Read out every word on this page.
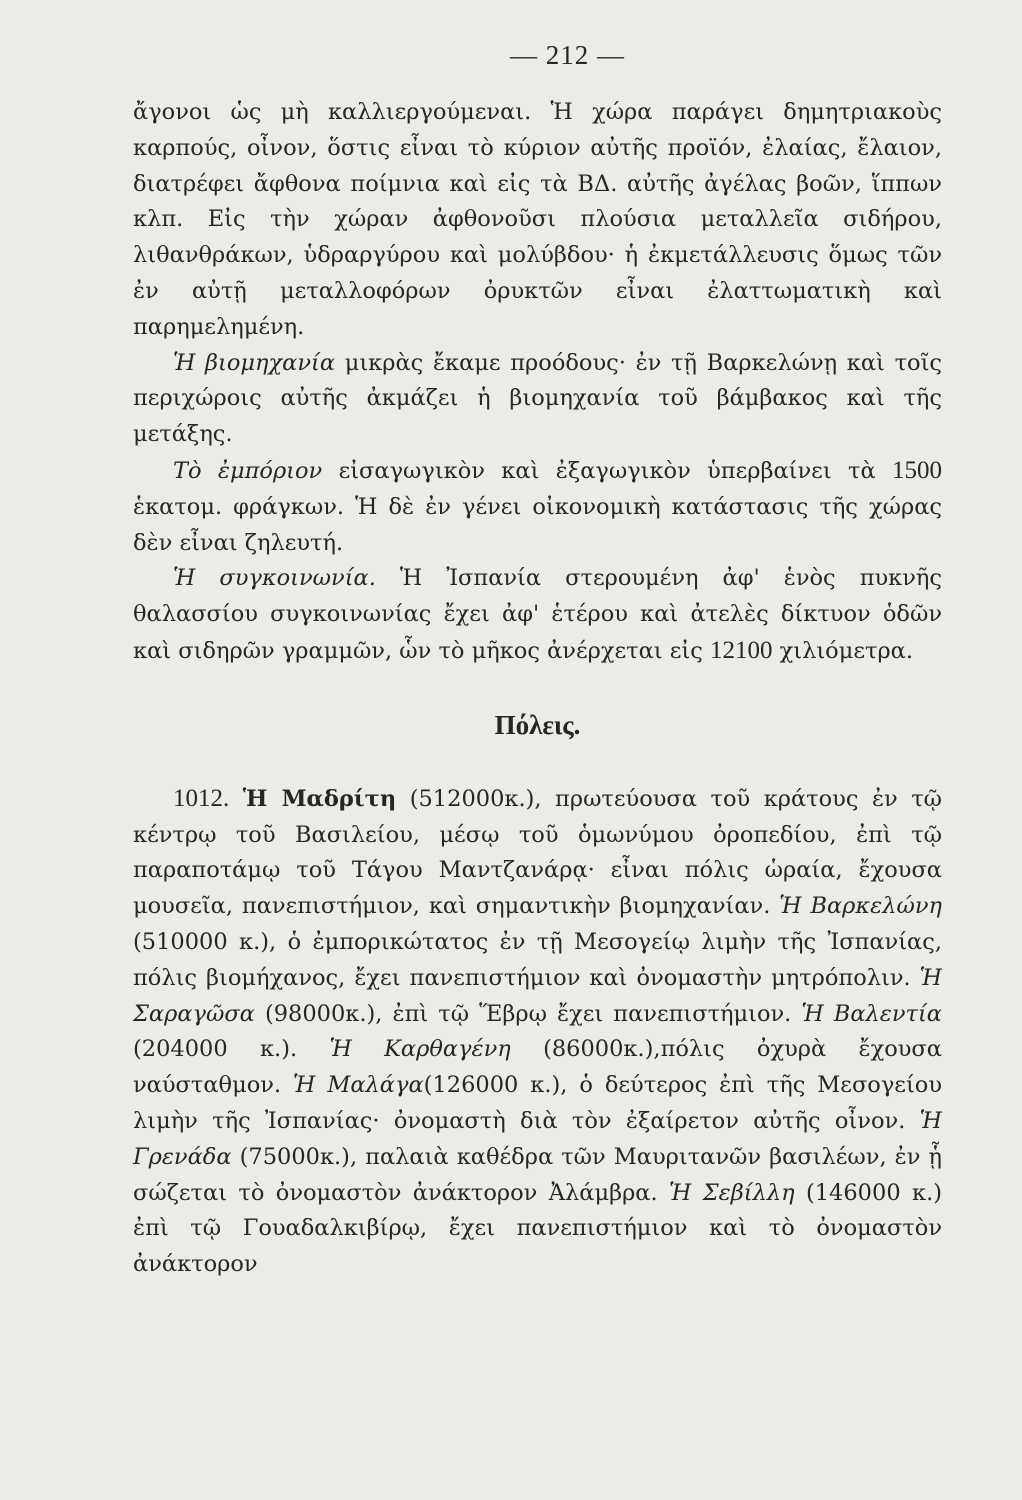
— 212 —

ἄγονοι ὡς μὴ καλλιεργούμεναι. Ἡ χώρα παράγει δημητριακοὺς καρπούς, οἶνον, ὅστις εἶναι τὸ κύριον αὐτῆς προϊόν, ἐλαίας, ἔλαιον, διατρέφει ἄφθονα ποίμνια καὶ εἰς τὰ ΒΔ. αὐτῆς ἀγέλας βοῶν, ἵππων κλπ. Εἰς τὴν χώραν ἀφθονοῦσι πλούσια μεταλλεῖα σιδήρου, λιθανθράκων, ὑδραργύρου καὶ μολύβδου· ἡ ἐκμετάλλευσις ὅμως τῶν ἐν αὐτῇ μεταλλοφόρων ὀρυκτῶν εἶναι ἐλαττωματικὴ καὶ παρημελημένη.

Ἡ βιομηχανία μικρὰς ἔκαμε προόδους· ἐν τῇ Βαρκελώνῃ καὶ τοῖς περιχώροις αὐτῆς ἀκμάζει ἡ βιομηχανία τοῦ βάμβακος καὶ τῆς μετάξης.

Τὸ ἐμπόριον εἰσαγωγικὸν καὶ ἐξαγωγικὸν ὑπερβαίνει τὰ 1500 ἑκατομ. φράγκων. Ἡ δὲ ἐν γένει οἰκονομικὴ κατάστασις τῆς χώρας δὲν εἶναι ζηλευτή.

Ἡ συγκοινωνία. Ἡ Ἰσπανία στερουμένη ἀφ' ἑνὸς πυκνῆς θαλασσίου συγκοινωνίας ἔχει ἀφ' ἑτέρου καὶ ἀτελὲς δίκτυον ὁδῶν καὶ σιδηρῶν γραμμῶν, ὧν τὸ μῆκος ἀνέρχεται εἰς 12100 χιλιόμετρα.

Πόλεις.

1012. Ἡ Μαδρίτη (512000κ.), πρωτεύουσα τοῦ κράτους ἐν τῷ κέντρῳ τοῦ Βασιλείου, μέσῳ τοῦ ὁμωνύμου ὀροπεδίου, ἐπὶ τῷ παραποτάμῳ τοῦ Τάγου Μαντζανάρᾳ· εἶναι πόλις ὡραία, ἔχουσα μουσεῖα, πανεπιστήμιον, καὶ σημαντικὴν βιομηχανίαν. Ἡ Βαρκελώνη (510000 κ.), ὁ ἐμπορικώτατος ἐν τῇ Μεσογείῳ λιμὴν τῆς Ἰσπανίας, πόλις βιομήχανος, ἔχει πανεπιστήμιον καὶ ὀνομαστὴν μητρόπολιν. Ἡ Σαραγῶσα (98000κ.), ἐπὶ τῷ Ἕβρῳ ἔχει πανεπιστήμιον. Ἡ Βαλεντία (204000 κ.). Ἡ Καρθαγένη (86000κ.),πόλις ὀχυρὰ ἔχουσα ναύσταθμον. Ἡ Μαλάγα(126000 κ.), ὁ δεύτερος ἐπὶ τῆς Μεσογείου λιμὴν τῆς Ἰσπανίας· ὀνομαστὴ διὰ τὸν ἐξαίρετον αὐτῆς οἶνον. Ἡ Γρενάδα (75000κ.), παλαιὰ καθέδρα τῶν Μαυριτανῶν βασιλέων, ἐν ᾗ σώζεται τὸ ὀνομαστὸν ἀνάκτορον Ἀλάμβρα. Ἡ Σεβίλλη (146000 κ.) ἐπὶ τῷ Γουαδαλκιβίρῳ, ἔχει πανεπιστήμιον καὶ τὸ ὀνομαστὸν ἀνάκτορον
